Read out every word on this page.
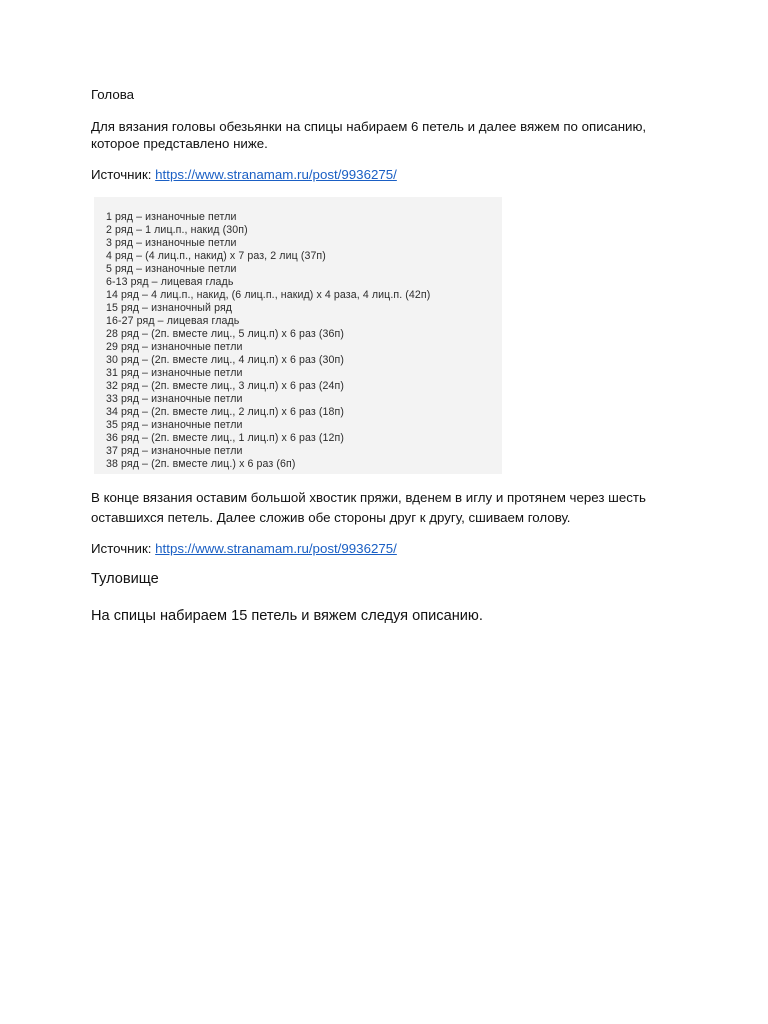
Голова

Для вязания головы обезьянки на спицы набираем 6 петель и далее вяжем по описанию,

которое представлено ниже.

Источник: https://www.stranamam.ru/post/9936275/

1 ряд – изнаночные петли
2 ряд – 1 лиц.п., накид (30п)
3 ряд – изнаночные петли
4 ряд – (4 лиц.п., накид) х 7 раз, 2 лиц (37п)
5 ряд – изнаночные петли
6-13 ряд – лицевая гладь
14 ряд – 4 лиц.п., накид, (6 лиц.п., накид) х 4 раза, 4 лиц.п. (42п)
15 ряд – изнаночный ряд
16-27 ряд – лицевая гладь
28 ряд – (2п. вместе лиц., 5 лиц.п) х 6 раз (36п)
29 ряд – изнаночные петли
30 ряд – (2п. вместе лиц., 4 лиц.п) х 6 раз (30п)
31 ряд – изнаночные петли
32 ряд – (2п. вместе лиц., 3 лиц.п) х 6 раз (24п)
33 ряд – изнаночные петли
34 ряд – (2п. вместе лиц., 2 лиц.п) х 6 раз (18п)
35 ряд – изнаночные петли
36 ряд – (2п. вместе лиц., 1 лиц.п) х 6 раз (12п)
37 ряд – изнаночные петли
38 ряд – (2п. вместе лиц.) х 6 раз (6п)

В конце вязания оставим большой хвостик пряжи, вденем в иглу и протянем через шесть

оставшихся петель. Далее сложив обе стороны друг к другу, сшиваем голову.

Источник: https://www.stranamam.ru/post/9936275/

Туловище

На спицы набираем 15 петель и вяжем следуя описанию.
